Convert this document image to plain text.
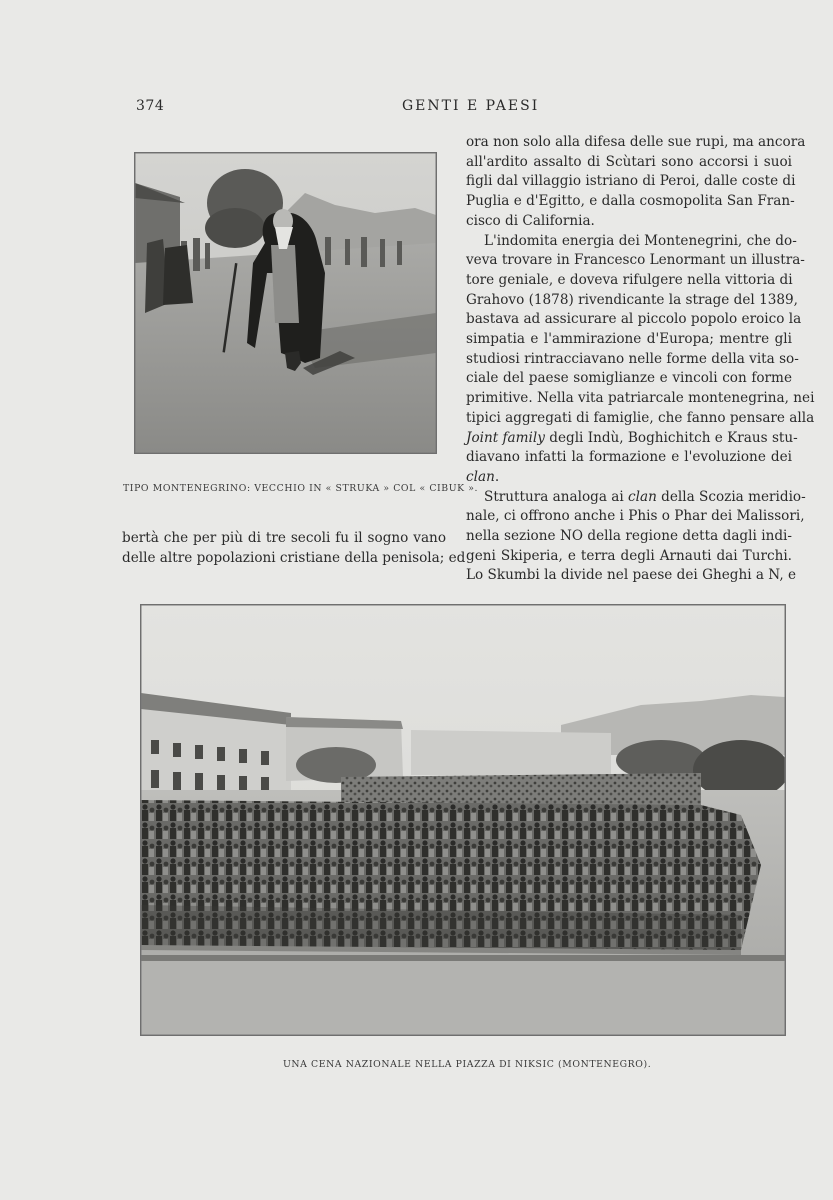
374	GENTI E PAESI
TIPO MONTENEGRINO: VECCHIO IN « STRUKA » COL « CIBUK ».
ora non solo alla difesa delle sue rupi, ma ancora
all'ardito assalto di Scùtari sono accorsi i suoi
figli dal villaggio istriano di Peroi, dalle coste di
Puglia e d'Egitto, e dalla cosmopolita San Fran-
cisco di California.
L'indomita energia dei Montenegrini, che do-
veva trovare in Francesco Lenormant un illustra-
tore geniale, e doveva rifulgere nella vittoria di
Grahovo (1878) rivendicante la strage del 1389,
bastava ad assicurare al piccolo popolo eroico la
simpatia e l'ammirazione d'Europa; mentre gli
studiosi rintracciavano nelle forme della vita so-
ciale del paese somiglianze e vincoli con forme
primitive. Nella vita patriarcale montenegrina, nei
tipici aggregati di famiglie, che fanno pensare alla
Joint family degli Indù, Boghichitch e Kraus stu-
diavano infatti la formazione e l'evoluzione dei
clan.
Struttura analoga ai clan della Scozia meridio-
nale, ci offrono anche i Phis o Phar dei Malissori,
nella sezione NO della regione detta dagli indi-
geni Skiperia, e terra degli Arnauti dai Turchi.
Lo Skumbi la divide nel paese dei Gheghi a N, e
bertà che per più di tre secoli fu il sogno vano
delle altre popolazioni cristiane della penisola; ed
UNA CENA NAZIONALE NELLA PIAZZA DI NIKSIC (MONTENEGRO).
